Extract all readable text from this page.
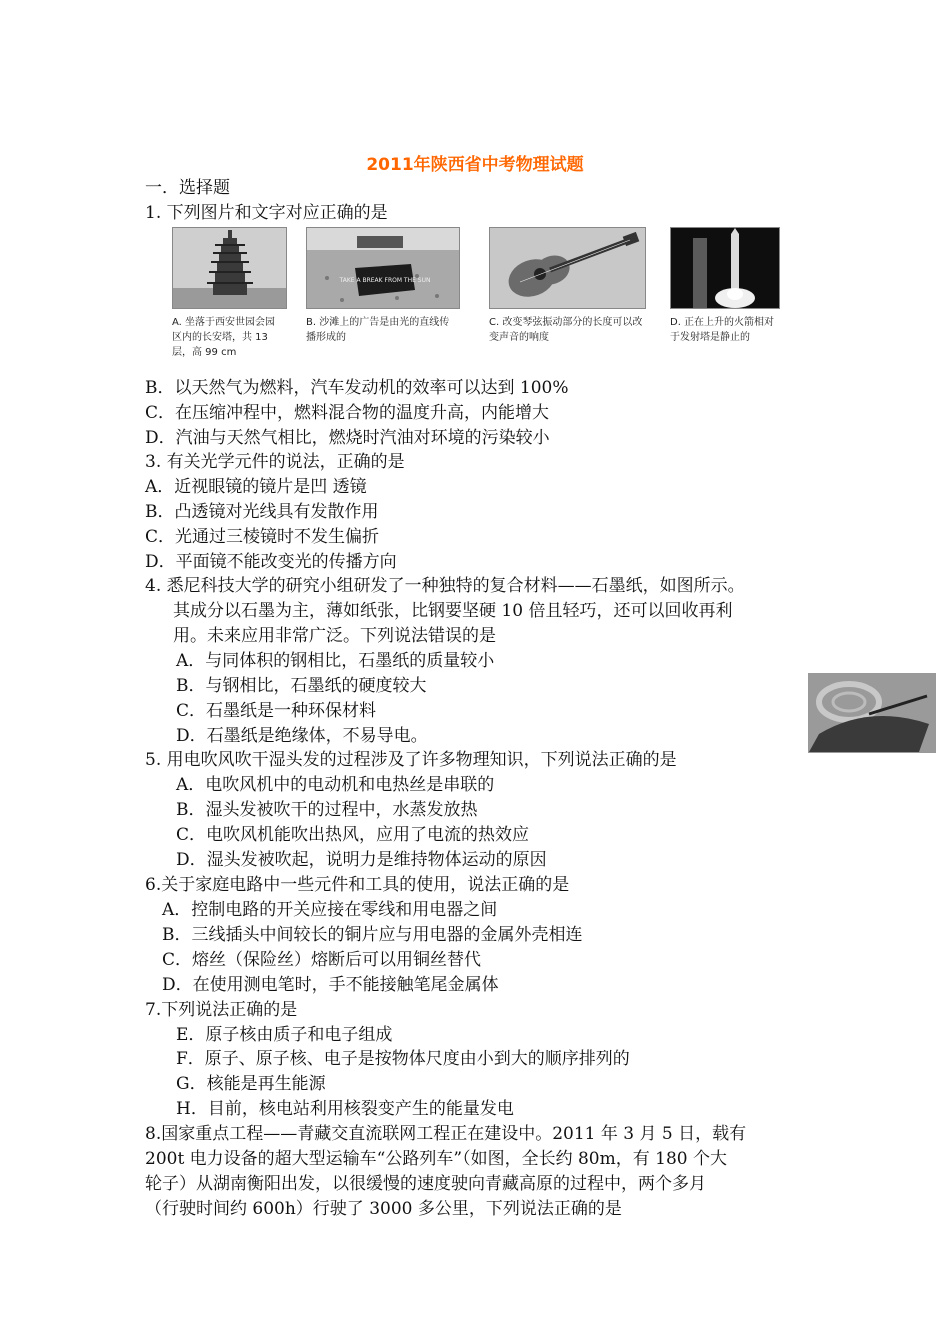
2011年陕西省中考物理试题
一．选择题
1. 下列图片和文字对应正确的是
A. 坐落于西安世园会园区内的长安塔，共 13 层，高 99 cm
TAKE A BREAK FROM THE SUN
B. 沙滩上的广告是由光的直线传播形成的
C. 改变琴弦振动部分的长度可以改变声音的响度
D. 正在上升的火箭相对于发射塔是静止的
B．以天然气为燃料，汽车发动机的效率可以达到 100%
C．在压缩冲程中，燃料混合物的温度升高，内能增大
D．汽油与天然气相比，燃烧时汽油对环境的污染较小
3. 有关光学元件的说法，正确的是
A．近视眼镜的镜片是凹 透镜
B．凸透镜对光线具有发散作用
C．光通过三棱镜时不发生偏折
D．平面镜不能改变光的传播方向
4. 悉尼科技大学的研究小组研发了一种独特的复合材料——石墨纸，如图所示。
其成分以石墨为主，薄如纸张，比钢要坚硬 10 倍且轻巧，还可以回收再利
用。未来应用非常广泛。下列说法错误的是
A．与同体积的钢相比，石墨纸的质量较小
B．与钢相比，石墨纸的硬度较大
C．石墨纸是一种环保材料
D．石墨纸是绝缘体，不易导电。
5. 用电吹风吹干湿头发的过程涉及了许多物理知识，下列说法正确的是
A．电吹风机中的电动机和电热丝是串联的
B．湿头发被吹干的过程中，水蒸发放热
C．电吹风机能吹出热风，应用了电流的热效应
D．湿头发被吹起，说明力是维持物体运动的原因
6.关于家庭电路中一些元件和工具的使用，说法正确的是
A．控制电路的开关应接在零线和用电器之间
B．三线插头中间较长的铜片应与用电器的金属外壳相连
C．熔丝（保险丝）熔断后可以用铜丝替代
D．在使用测电笔时，手不能接触笔尾金属体
7.下列说法正确的是
E．原子核由质子和电子组成
F．原子、原子核、电子是按物体尺度由小到大的顺序排列的
G．核能是再生能源
H．目前，核电站利用核裂变产生的能量发电
8.国家重点工程——青藏交直流联网工程正在建设中。2011 年 3 月 5 日，载有
200t 电力设备的超大型运输车“公路列车”（如图，全长约 80m，有 180 个大
轮子）从湖南衡阳出发，以很缓慢的速度驶向青藏高原的过程中，两个多月
（行驶时间约 600h）行驶了 3000 多公里，下列说法正确的是
